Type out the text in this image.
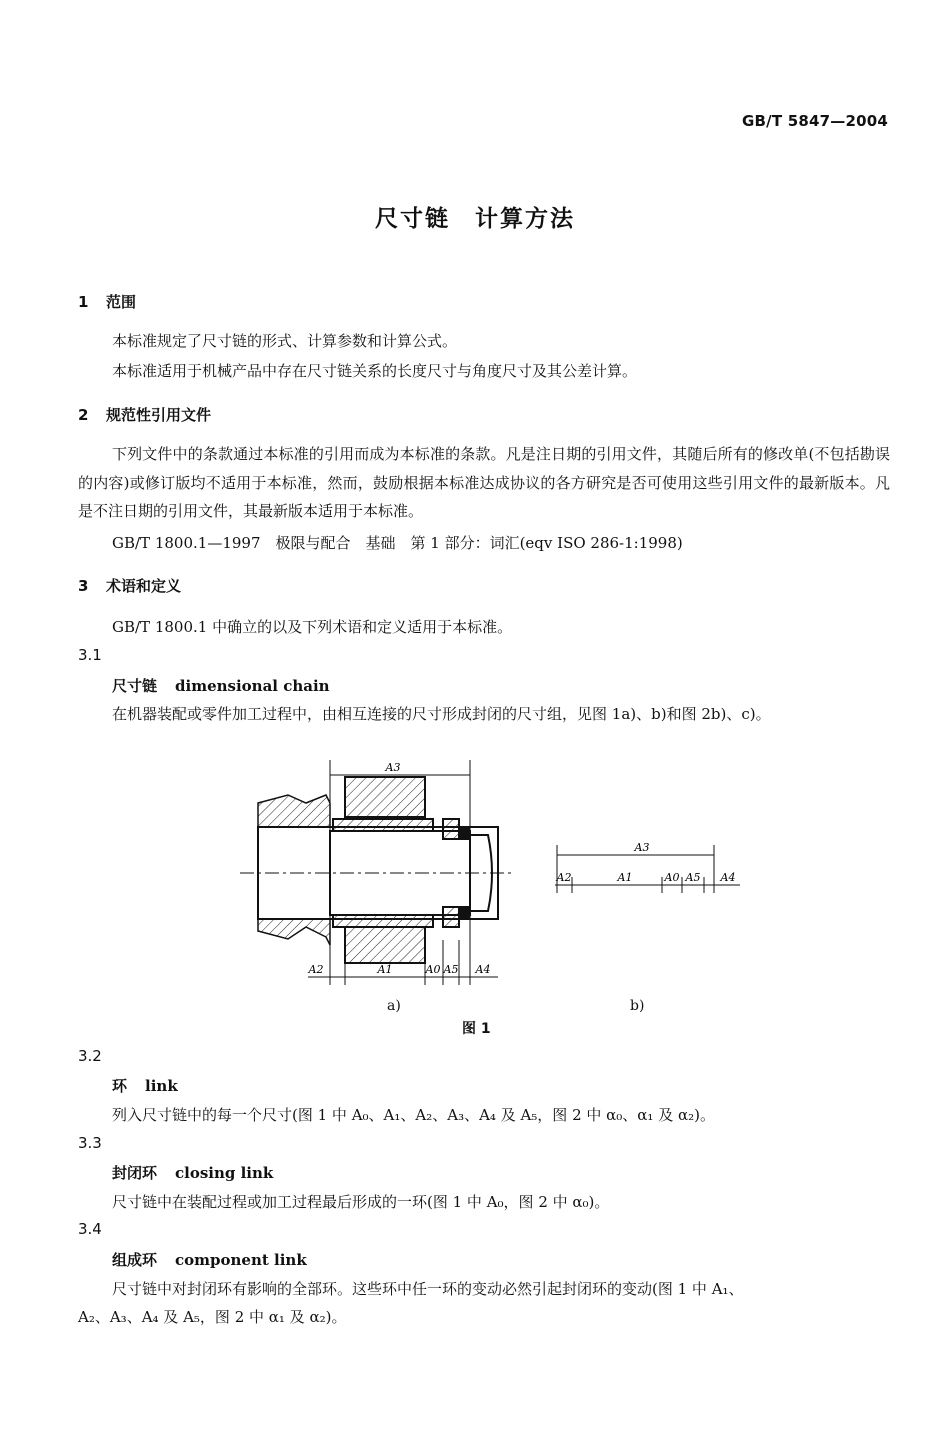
GB/T 5847—2004
尺寸链　计算方法
1 范围
本标准规定了尺寸链的形式、计算参数和计算公式。
本标准适用于机械产品中存在尺寸链关系的长度尺寸与角度尺寸及其公差计算。
2 规范性引用文件
下列文件中的条款通过本标准的引用而成为本标准的条款。凡是注日期的引用文件，其随后所有的修改单(不包括勘误的内容)或修订版均不适用于本标准，然而，鼓励根据本标准达成协议的各方研究是否可使用这些引用文件的最新版本。凡是不注日期的引用文件，其最新版本适用于本标准。
GB/T 1800.1—1997　极限与配合　基础　第 1 部分：词汇(eqv ISO 286-1:1998)
3 术语和定义
GB/T 1800.1 中确立的以及下列术语和定义适用于本标准。
3.1
尺寸链 dimensional chain
在机器装配或零件加工过程中，由相互连接的尺寸形成封闭的尺寸组，见图 1a)、b)和图 2b)、c)。
A3
A2	A1	A0 A5 A4
A3
A2	A1	A0 A5 A4
a)	b)
图 1
3.2
环 link
列入尺寸链中的每一个尺寸(图 1 中 A₀、A₁、A₂、A₃、A₄ 及 A₅，图 2 中 α₀、α₁ 及 α₂)。
3.3
封闭环 closing link
尺寸链中在装配过程或加工过程最后形成的一环(图 1 中 A₀，图 2 中 α₀)。
3.4
组成环 component link
尺寸链中对封闭环有影响的全部环。这些环中任一环的变动必然引起封闭环的变动(图 1 中 A₁、
A₂、A₃、A₄ 及 A₅，图 2 中 α₁ 及 α₂)。
